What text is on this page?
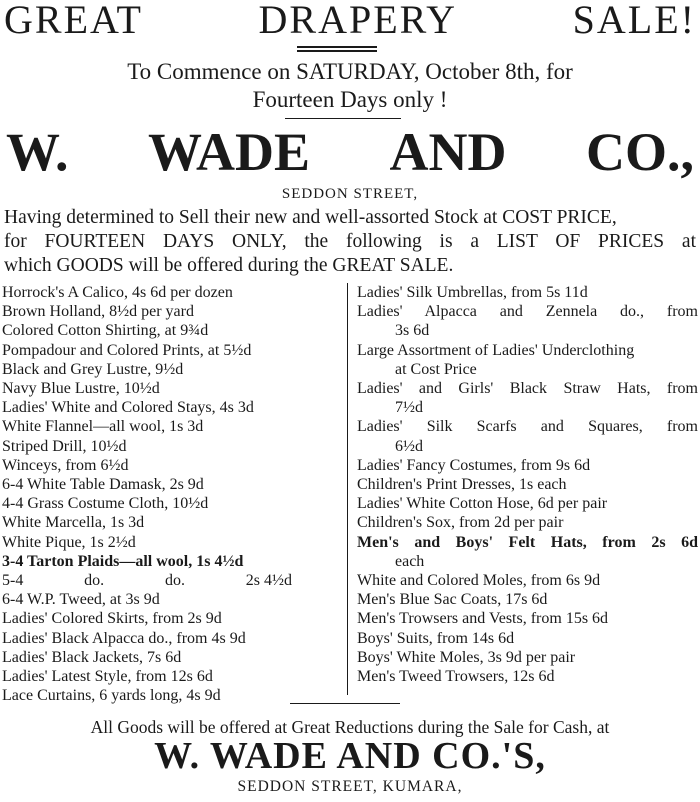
GREAT	DRAPERY	SALE!
To Commence on SATURDAY, October 8th, for
Fourteen Days only !
W. WADE AND CO.,
SEDDON STREET,
Having determined to Sell their new and well-assorted Stock at COST PRICE,
for FOURTEEN DAYS ONLY, the following is a LIST OF PRICES at
which GOODS will be offered during the GREAT SALE.
Horrock's A Calico, 4s 6d per dozen
Brown Holland, 8½d per yard
Colored Cotton Shirting, at 9¾d
Pompadour and Colored Prints, at 5½d
Black and Grey Lustre, 9½d
Navy Blue Lustre, 10½d
Ladies' White and Colored Stays, 4s 3d
White Flannel—all wool, 1s 3d
Striped Drill, 10½d
Winceys, from 6½d
6-4 White Table Damask, 2s 9d
4-4 Grass Costume Cloth, 10½d
White Marcella, 1s 3d
White Pique, 1s 2½d
3-4 Tarton Plaids—all wool, 1s 4½d
5-4	do.	do.	2s 4½d
6-4 W.P. Tweed, at 3s 9d
Ladies' Colored Skirts, from 2s 9d
Ladies' Black Alpacca do., from 4s 9d
Ladies' Black Jackets, 7s 6d
Ladies' Latest Style, from 12s 6d
Lace Curtains, 6 yards long, 4s 9d
Ladies' Silk Umbrellas, from 5s 11d
Ladies' Alpacca and Zennela do., from
3s 6d
Large Assortment of Ladies' Underclothing
at Cost Price
Ladies' and Girls' Black Straw Hats, from
7½d
Ladies' Silk Scarfs and Squares, from
6½d
Ladies' Fancy Costumes, from 9s 6d
Children's Print Dresses, 1s each
Ladies' White Cotton Hose, 6d per pair
Children's Sox, from 2d per pair
Men's and Boys' Felt Hats, from 2s 6d
each
White and Colored Moles, from 6s 9d
Men's Blue Sac Coats, 17s 6d
Men's Trowsers and Vests, from 15s 6d
Boys' Suits, from 14s 6d
Boys' White Moles, 3s 9d per pair
Men's Tweed Trowsers, 12s 6d
All Goods will be offered at Great Reductions during the Sale for Cash, at
W. WADE AND CO.'S,
SEDDON STREET, KUMARA,
